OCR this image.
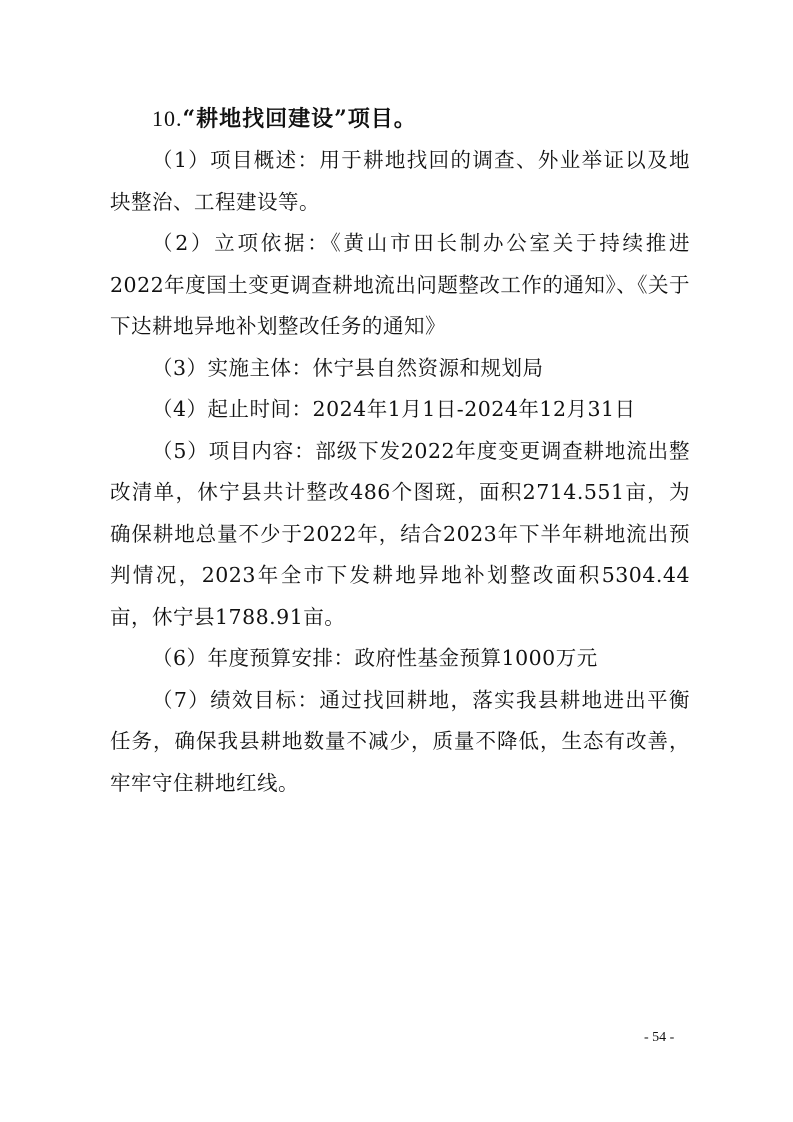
10.“耕地找回建设”项目。

（1）项目概述：用于耕地找回的调查、外业举证以及地块整治、工程建设等。

（2）立项依据：《黄山市田长制办公室关于持续推进2022年度国土变更调查耕地流出问题整改工作的通知》、《关于下达耕地异地补划整改任务的通知》

（3）实施主体：休宁县自然资源和规划局

（4）起止时间：2024年1月1日-2024年12月31日

（5）项目内容：部级下发2022年度变更调查耕地流出整改清单，休宁县共计整改486个图斑，面积2714.551亩，为确保耕地总量不少于2022年，结合2023年下半年耕地流出预判情况，2023年全市下发耕地异地补划整改面积5304.44亩，休宁县1788.91亩。

（6）年度预算安排：政府性基金预算1000万元

（7）绩效目标：通过找回耕地，落实我县耕地进出平衡任务，确保我县耕地数量不减少，质量不降低，生态有改善，牢牢守住耕地红线。

- 54 -
